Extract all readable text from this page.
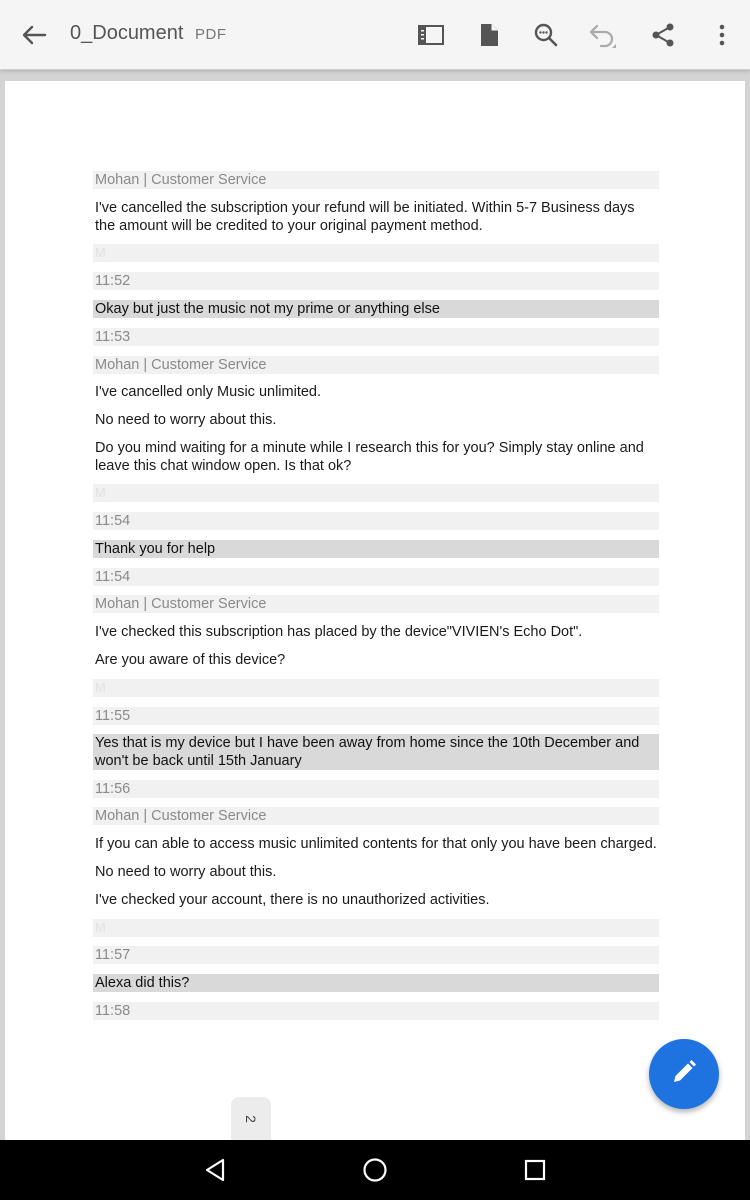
0_Document PDF
Mohan | Customer Service
I've cancelled the subscription your refund will be initiated. Within 5-7 Business days the amount will be credited to your original payment method.
M
11:52
Okay but just the music not my prime or anything else
11:53
Mohan | Customer Service
I've cancelled only Music unlimited.
No need to worry about this.
Do you mind waiting for a minute while I research this for you? Simply stay online and leave this chat window open. Is that ok?
M
11:54
Thank you for help
11:54
Mohan | Customer Service
I've checked this subscription has placed by the device"VIVIEN's Echo Dot".
Are you aware of this device?
M
11:55
Yes that is my device but I have been away from home since the 10th December and won't be back until 15th January
11:56
Mohan | Customer Service
If you can able to access music unlimited contents for that only you have been charged.
No need to worry about this.
I've checked your account, there is no unauthorized activities.
M
11:57
Alexa did this?
11:58
2
